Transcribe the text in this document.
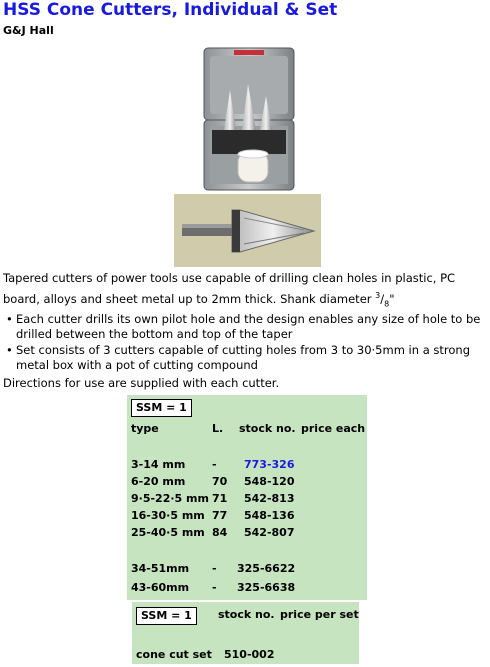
HSS Cone Cutters, Individual & Set
G&J Hall
Tapered cutters of power tools use capable of drilling clean holes in plastic, PC board, alloys and sheet metal up to 2mm thick. Shank diameter $^3/_8$"
• Each cutter drills its own pilot hole and the design enables any size of hole to be drilled between the bottom and top of the taper
• Set consists of 3 cutters capable of cutting holes from 3 to 30·5mm in a strong metal box with a pot of cutting compound
Directions for use are supplied with each cutter.
SSM = 1
type	L. stock no. price each
3-14 mm - 773-326
6-20 mm 70 548-120
9·5-22·5 mm 71 542-813
16-30·5 mm 77 548-136
25-40·5 mm 84 542-807
34-51mm - 325-6622
43-60mm - 325-6638
SSM = 1	stock no. price per set
cone cut set 510-002
